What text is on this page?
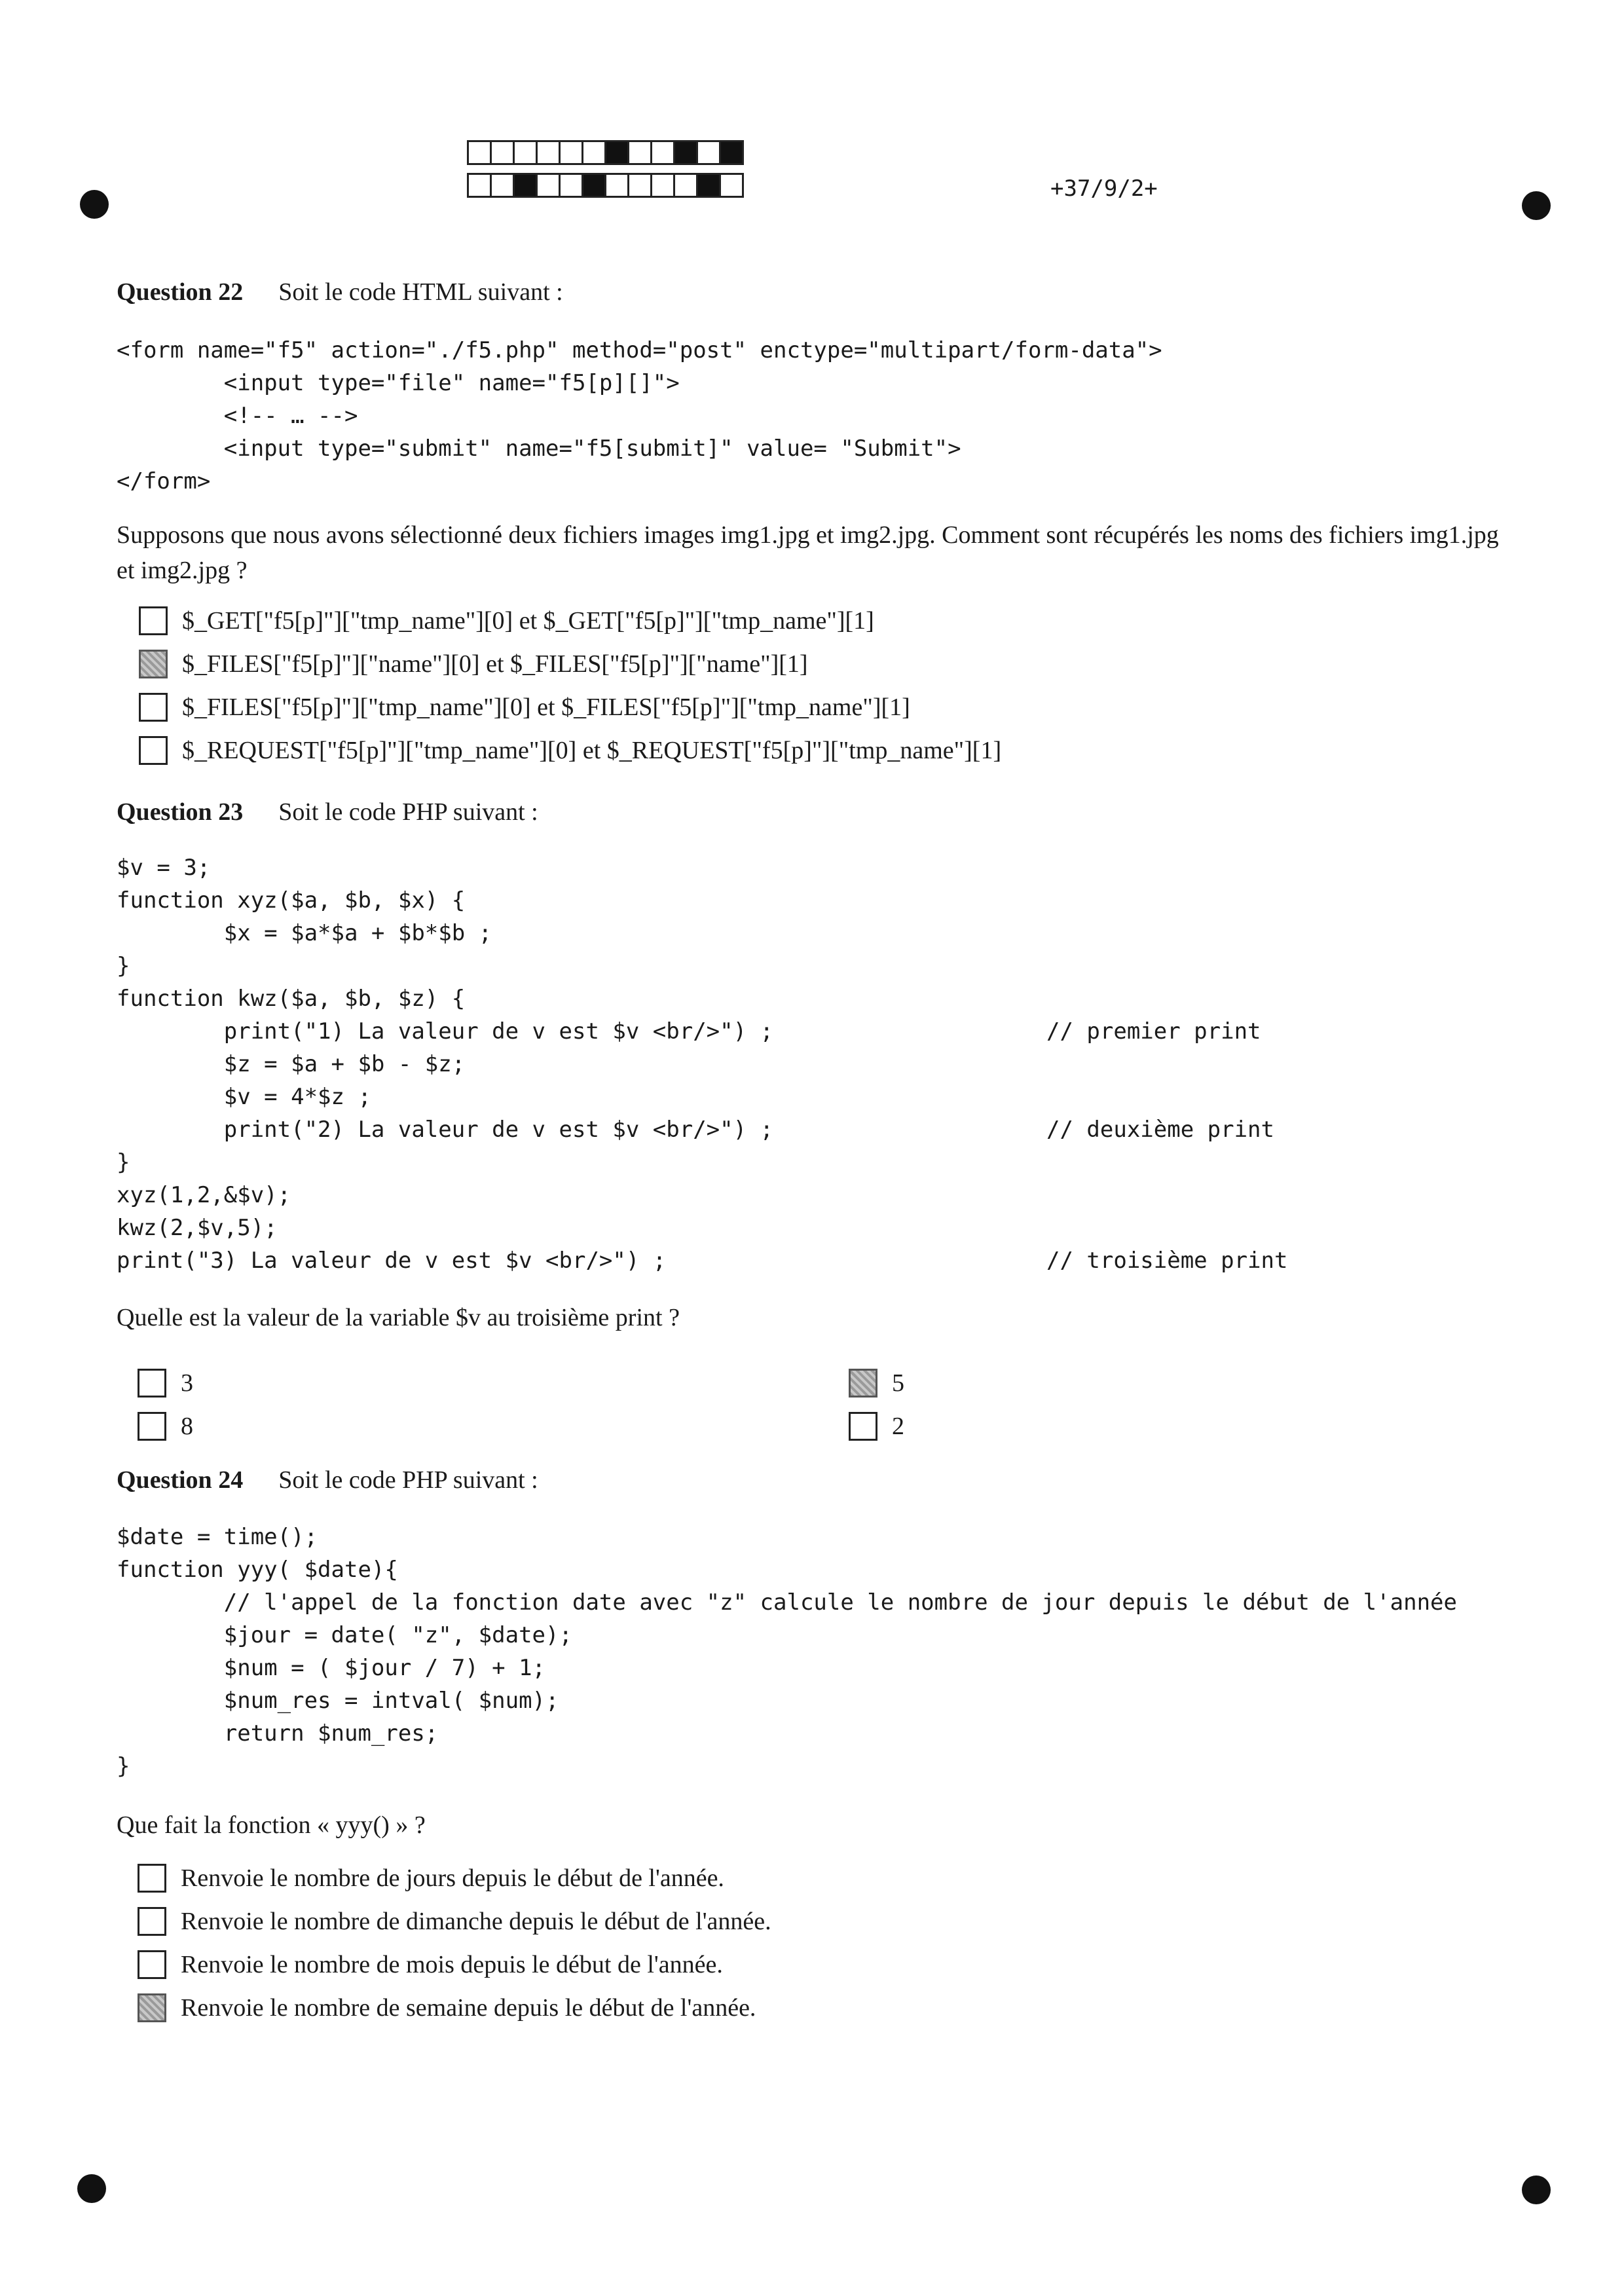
+37/9/2+
Question 22 Soit le code HTML suivant :
<form name="f5" action="./f5.php" method="post" enctype="multipart/form-data">
<input type="file" name="f5[p][]">
<!-- … -->
<input type="submit" name="f5[submit]" value= "Submit">
</form>
Supposons que nous avons sélectionné deux fichiers images img1.jpg et img2.jpg. Comment sont récupérés les noms des fichiers img1.jpg et img2.jpg ?
$_GET["f5[p]"]["tmp_name"][0] et $_GET["f5[p]"]["tmp_name"][1]
$_FILES["f5[p]"]["name"][0] et $_FILES["f5[p]"]["name"][1]
$_FILES["f5[p]"]["tmp_name"][0] et $_FILES["f5[p]"]["tmp_name"][1]
$_REQUEST["f5[p]"]["tmp_name"][0] et $_REQUEST["f5[p]"]["tmp_name"][1]
Question 23 Soit le code PHP suivant :
$v = 3;
function xyz($a, $b, $x) {
$x = $a*$a + $b*$b ;
}
function kwz($a, $b, $z) {
print("1) La valeur de v est $v <br/>") ;	// premier print
$z = $a + $b - $z;
$v = 4*$z ;
print("2) La valeur de v est $v <br/>") ;	// deuxième print
}
xyz(1,2,&$v);
kwz(2,$v,5);
print("3) La valeur de v est $v <br/>") ;	// troisième print
Quelle est la valeur de la variable $v au troisième print ?
3
8
5
2
Question 24 Soit le code PHP suivant :
$date = time();
function yyy( $date){
// l'appel de la fonction date avec "z" calcule le nombre de jour depuis le début de l'année
$jour = date( "z", $date);
$num = ( $jour / 7) + 1;
$num_res = intval( $num);
return $num_res;
}
Que fait la fonction « yyy() » ?
Renvoie le nombre de jours depuis le début de l'année.
Renvoie le nombre de dimanche depuis le début de l'année.
Renvoie le nombre de mois depuis le début de l'année.
Renvoie le nombre de semaine depuis le début de l'année.
